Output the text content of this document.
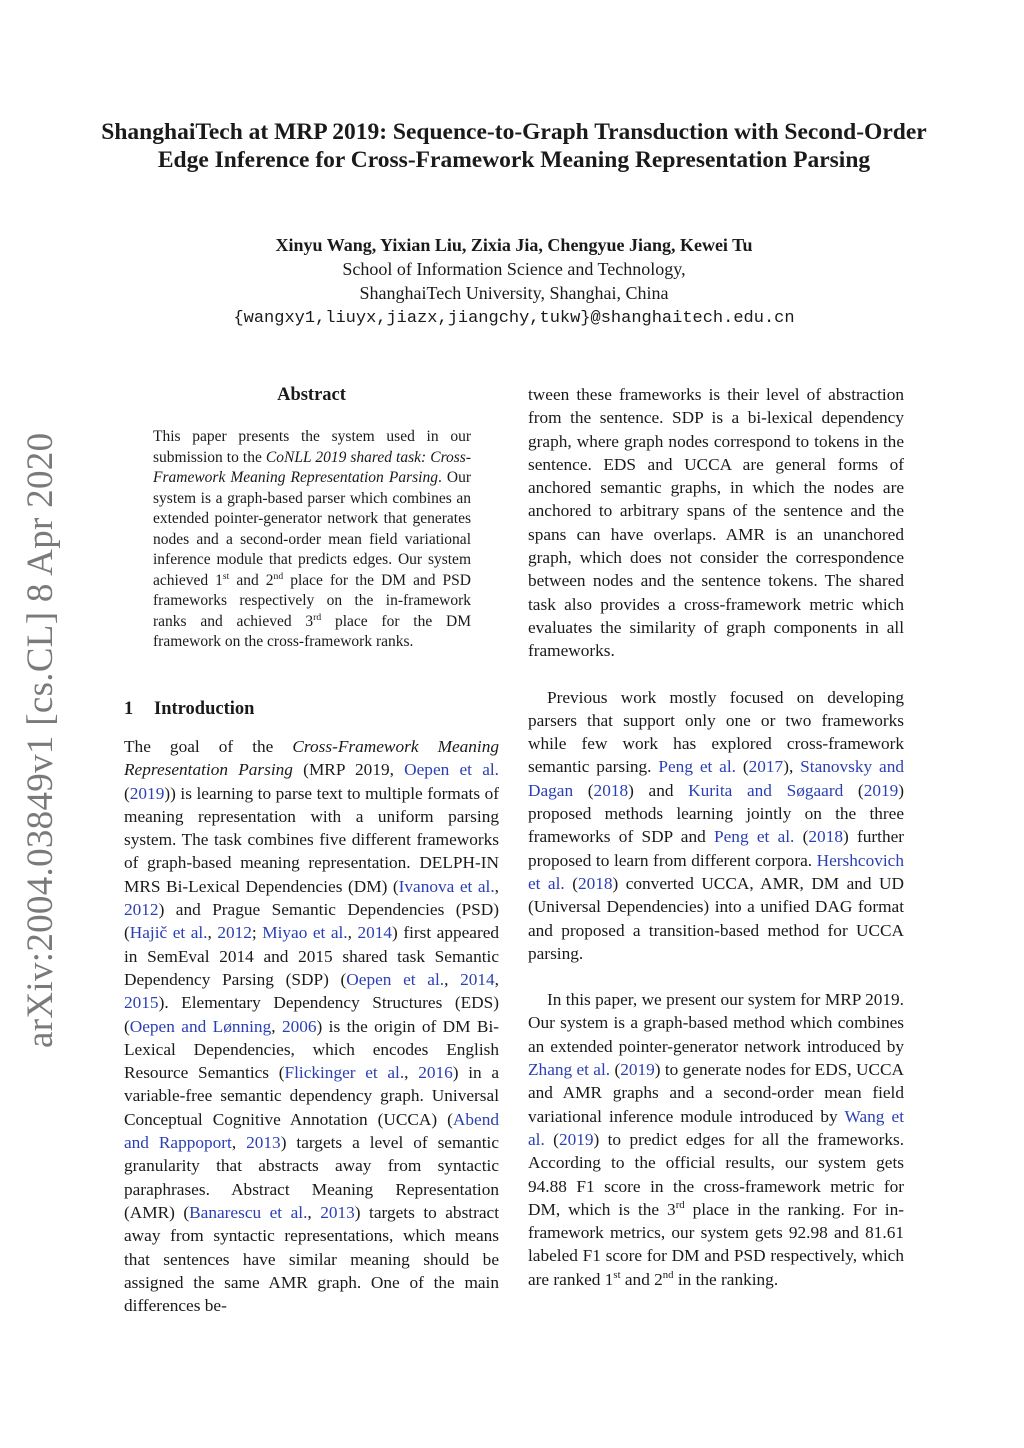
ShanghaiTech at MRP 2019: Sequence-to-Graph Transduction with Second-Order Edge Inference for Cross-Framework Meaning Representation Parsing
Xinyu Wang, Yixian Liu, Zixia Jia, Chengyue Jiang, Kewei Tu
School of Information Science and Technology,
ShanghaiTech University, Shanghai, China
{wangxy1,liuyx,jiazx,jiangchy,tukw}@shanghaitech.edu.cn
arXiv:2004.03849v1 [cs.CL] 8 Apr 2020
Abstract
This paper presents the system used in our submission to the CoNLL 2019 shared task: Cross-Framework Meaning Representation Parsing. Our system is a graph-based parser which combines an extended pointer-generator network that generates nodes and a second-order mean field variational inference module that predicts edges. Our system achieved 1st and 2nd place for the DM and PSD frameworks respectively on the in-framework ranks and achieved 3rd place for the DM framework on the cross-framework ranks.
1 Introduction

The goal of the Cross-Framework Meaning Representation Parsing (MRP 2019, Oepen et al. (2019)) is learning to parse text to multiple formats of meaning representation with a uniform parsing system. The task combines five different frameworks of graph-based meaning representation. DELPH-IN MRS Bi-Lexical Dependencies (DM) (Ivanova et al., 2012) and Prague Semantic Dependencies (PSD) (Hajič et al., 2012; Miyao et al., 2014) first appeared in SemEval 2014 and 2015 shared task Semantic Dependency Parsing (SDP) (Oepen et al., 2014, 2015). Elementary Dependency Structures (EDS) (Oepen and Lønning, 2006) is the origin of DM Bi-Lexical Dependencies, which encodes English Resource Semantics (Flickinger et al., 2016) in a variable-free semantic dependency graph. Universal Conceptual Cognitive Annotation (UCCA) (Abend and Rappoport, 2013) targets a level of semantic granularity that abstracts away from syntactic paraphrases. Abstract Meaning Representation (AMR) (Banarescu et al., 2013) targets to abstract away from syntactic representations, which means that sentences have similar meaning should be assigned the same AMR graph. One of the main differences be-

tween these frameworks is their level of abstraction from the sentence. SDP is a bi-lexical dependency graph, where graph nodes correspond to tokens in the sentence. EDS and UCCA are general forms of anchored semantic graphs, in which the nodes are anchored to arbitrary spans of the sentence and the spans can have overlaps. AMR is an unanchored graph, which does not consider the correspondence between nodes and the sentence tokens. The shared task also provides a cross-framework metric which evaluates the similarity of graph components in all frameworks.

Previous work mostly focused on developing parsers that support only one or two frameworks while few work has explored cross-framework semantic parsing. Peng et al. (2017), Stanovsky and Dagan (2018) and Kurita and Søgaard (2019) proposed methods learning jointly on the three frameworks of SDP and Peng et al. (2018) further proposed to learn from different corpora. Hershcovich et al. (2018) converted UCCA, AMR, DM and UD (Universal Dependencies) into a unified DAG format and proposed a transition-based method for UCCA parsing.

In this paper, we present our system for MRP 2019. Our system is a graph-based method which combines an extended pointer-generator network introduced by Zhang et al. (2019) to generate nodes for EDS, UCCA and AMR graphs and a second-order mean field variational inference module introduced by Wang et al. (2019) to predict edges for all the frameworks. According to the official results, our system gets 94.88 F1 score in the cross-framework metric for DM, which is the 3rd place in the ranking. For in-framework metrics, our system gets 92.98 and 81.61 labeled F1 score for DM and PSD respectively, which are ranked 1st and 2nd in the ranking.
